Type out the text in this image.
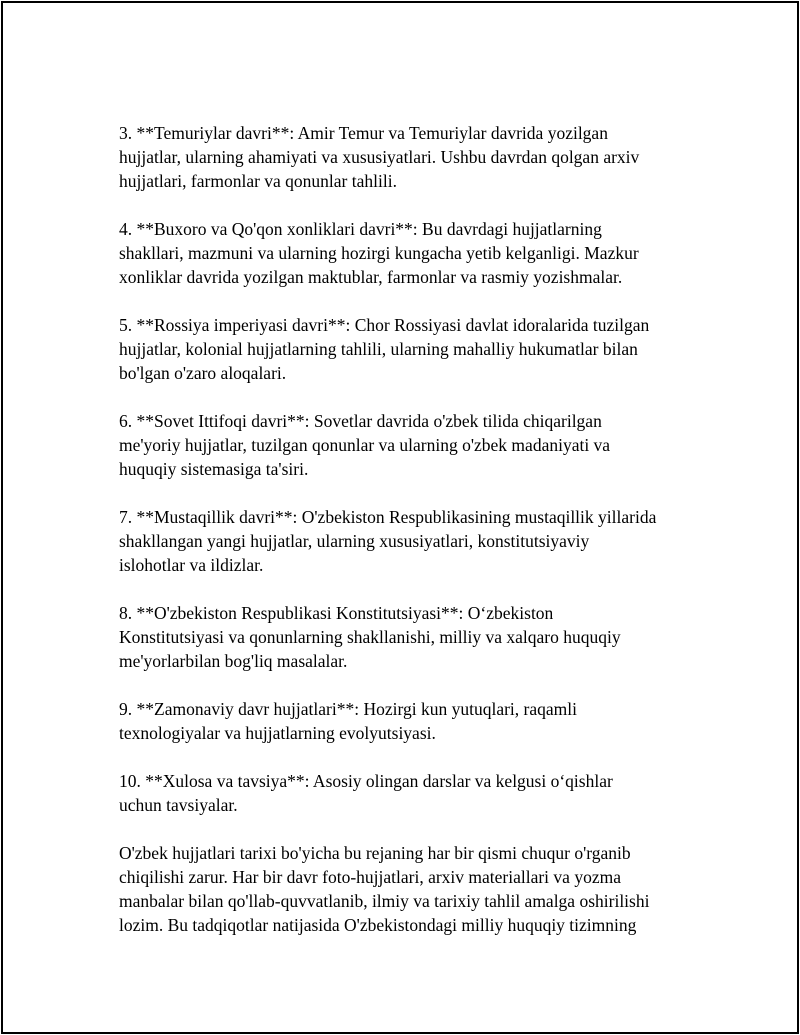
3. **Temuriylar davri**: Amir Temur va Temuriylar davrida yozilgan
hujjatlar, ularning ahamiyati va xususiyatlari. Ushbu davrdan qolgan arxiv
hujjatlari, farmonlar va qonunlar tahlili.

4. **Buxoro va Qo'qon xonliklari davri**: Bu davrdagi hujjatlarning
shakllari, mazmuni va ularning hozirgi kungacha yetib kelganligi. Mazkur
xonliklar davrida yozilgan maktublar, farmonlar va rasmiy yozishmalar.

5. **Rossiya imperiyasi davri**: Chor Rossiyasi davlat idoralarida tuzilgan
hujjatlar, kolonial hujjatlarning tahlili, ularning mahalliy hukumatlar bilan
bo'lgan o'zaro aloqalari.

6. **Sovet Ittifoqi davri**: Sovetlar davrida o'zbek tilida chiqarilgan
me'yoriy hujjatlar, tuzilgan qonunlar va ularning o'zbek madaniyati va
huquqiy sistemasiga ta'siri.

7. **Mustaqillik davri**: O'zbekiston Respublikasining mustaqillik yillarida
shakllangan yangi hujjatlar, ularning xususiyatlari, konstitutsiyaviy
islohotlar va ildizlar.

8. **O'zbekiston Respublikasi Konstitutsiyasi**: O‘zbekiston
Konstitutsiyasi va qonunlarning shakllanishi, milliy va xalqaro huquqiy
me'yorlarbilan bog'liq masalalar.

9. **Zamonaviy davr hujjatlari**: Hozirgi kun yutuqlari, raqamli
texnologiyalar va hujjatlarning evolyutsiyasi.

10. **Xulosa va tavsiya**: Asosiy olingan darslar va kelgusi o‘qishlar
uchun tavsiyalar.

O'zbek hujjatlari tarixi bo'yicha bu rejaning har bir qismi chuqur o'rganib
chiqilishi zarur. Har bir davr foto-hujjatlari, arxiv materiallari va yozma
manbalar bilan qo'llab-quvvatlanib, ilmiy va tarixiy tahlil amalga oshirilishi
lozim. Bu tadqiqotlar natijasida O'zbekistondagi milliy huquqiy tizimning
